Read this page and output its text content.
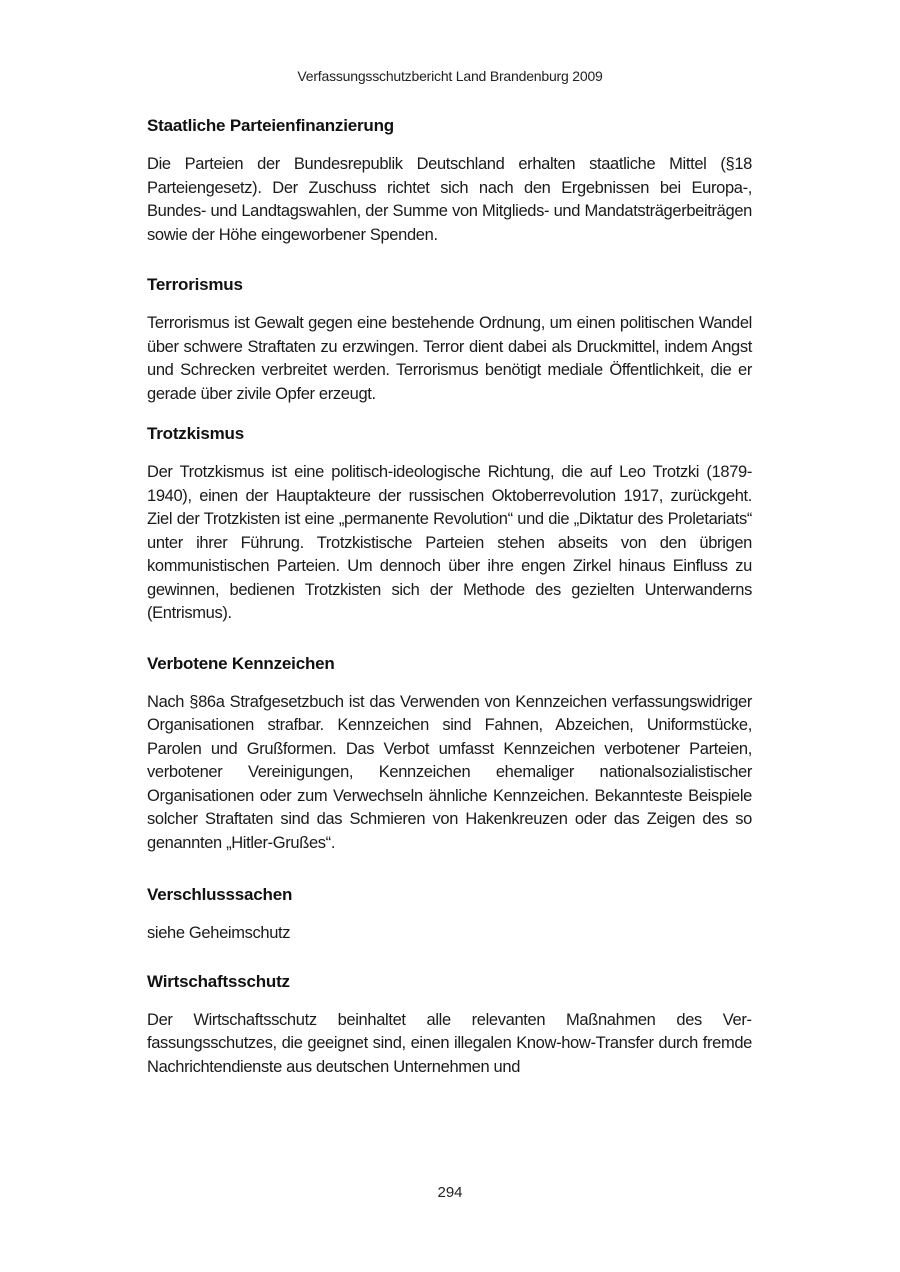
Verfassungsschutzbericht Land Brandenburg 2009
Staatliche Parteienfinanzierung

Die Parteien der Bundesrepublik Deutschland erhalten staatliche Mittel (§18 Parteiengesetz). Der Zuschuss richtet sich nach den Ergebnissen bei Europa-, Bundes- und Landtagswahlen, der Summe von Mitglieds- und Mandatsträgerbeiträgen sowie der Höhe eingeworbener Spenden.

Terrorismus

Terrorismus ist Gewalt gegen eine bestehende Ordnung, um einen politischen Wandel über schwere Straftaten zu erzwingen. Terror dient dabei als Druckmittel, indem Angst und Schrecken verbreitet werden. Terrorismus benötigt mediale Öffentlichkeit, die er gerade über zivile Opfer erzeugt.

Trotzkismus

Der Trotzkismus ist eine politisch-ideologische Richtung, die auf Leo Trotzki (1879-1940), einen der Hauptakteure der russischen Oktoberrevolution 1917, zurückgeht. Ziel der Trotzkisten ist eine „permanente Revolution“ und die „Diktatur des Proletariats“ unter ihrer Führung. Trotzkistische Parteien stehen abseits von den übrigen kommunistischen Parteien. Um dennoch über ihre engen Zirkel hinaus Einfluss zu gewinnen, bedienen Trotzkisten sich der Methode des gezielten Unterwanderns (Entrismus).

Verbotene Kennzeichen

Nach §86a Strafgesetzbuch ist das Verwenden von Kennzeichen verfassungswidriger Organisationen strafbar. Kennzeichen sind Fahnen, Abzeichen, Uniformstücke, Parolen und Grußformen. Das Verbot umfasst Kennzeichen verbotener Parteien, verbotener Vereinigungen, Kennzeichen ehemaliger nationalsozialistischer Organisationen oder zum Verwechseln ähnliche Kennzeichen. Bekannteste Beispiele solcher Straftaten sind das Schmieren von Hakenkreuzen oder das Zeigen des so genannten „Hitler-Grußes“.

Verschlusssachen

siehe Geheimschutz

Wirtschaftsschutz

Der Wirtschaftsschutz beinhaltet alle relevanten Maßnahmen des Verfassungsschutzes, die geeignet sind, einen illegalen Know-how-Transfer durch fremde Nachrichtendienste aus deutschen Unternehmen und

294
